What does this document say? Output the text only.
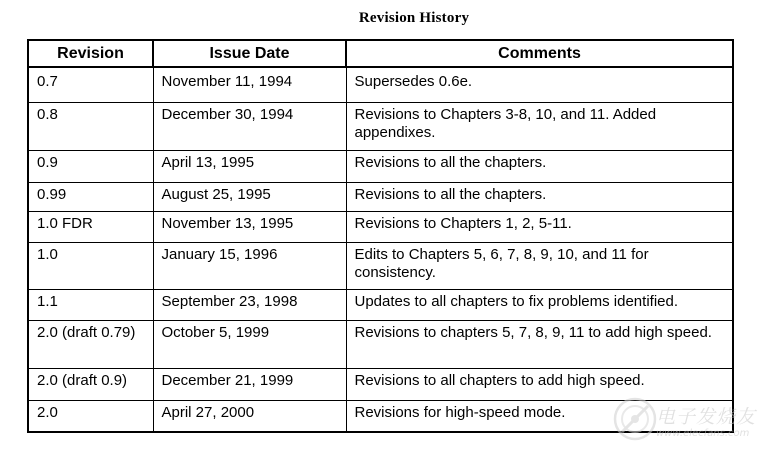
Revision History
Revision	Issue Date	Comments
0.7	November 11, 1994	Supersedes 0.6e.
0.8	December 30, 1994	Revisions to Chapters 3-8, 10, and 11. Added appendixes.
0.9	April 13, 1995	Revisions to all the chapters.
0.99	August 25, 1995	Revisions to all the chapters.
1.0 FDR	November 13, 1995	Revisions to Chapters 1, 2, 5-11.
1.0	January 15, 1996	Edits to Chapters 5, 6, 7, 8, 9, 10, and 11 for consistency.
1.1	September 23, 1998	Updates to all chapters to fix problems identified.
2.0 (draft 0.79)	October 5, 1999	Revisions to chapters 5, 7, 8, 9, 11 to add high speed.
2.0 (draft 0.9)	December 21, 1999	Revisions to all chapters to add high speed.
2.0	April 27, 2000	Revisions for high-speed mode.	电子发烧友
www.elecfans.com
